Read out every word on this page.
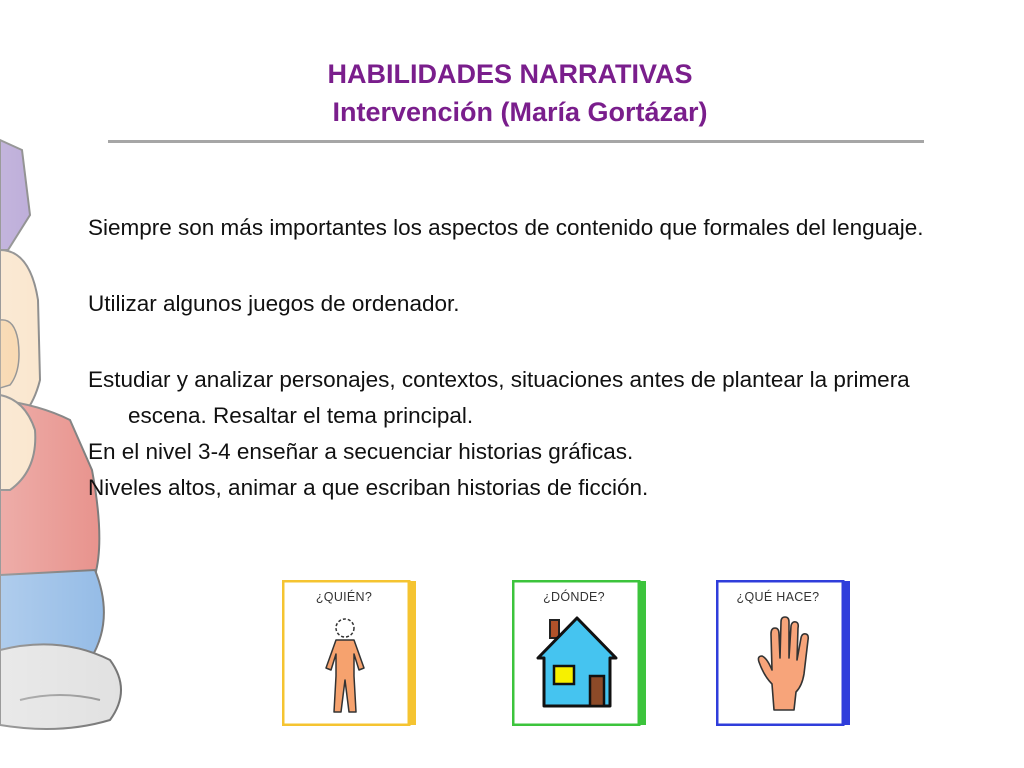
HABILIDADES NARRATIVAS

Intervención (María Gortázar)

Siempre son más importantes los aspectos de contenido que formales del lenguaje.

Utilizar algunos juegos de ordenador.

Estudiar y analizar personajes, contextos, situaciones antes de plantear la primera escena. Resaltar el tema principal.

En el nivel 3-4 enseñar a secuenciar historias gráficas.

Niveles altos, animar a que escriban historias de ficción.

¿QUIÉN?	¿DÓNDE?	¿QUÉ HACE?
